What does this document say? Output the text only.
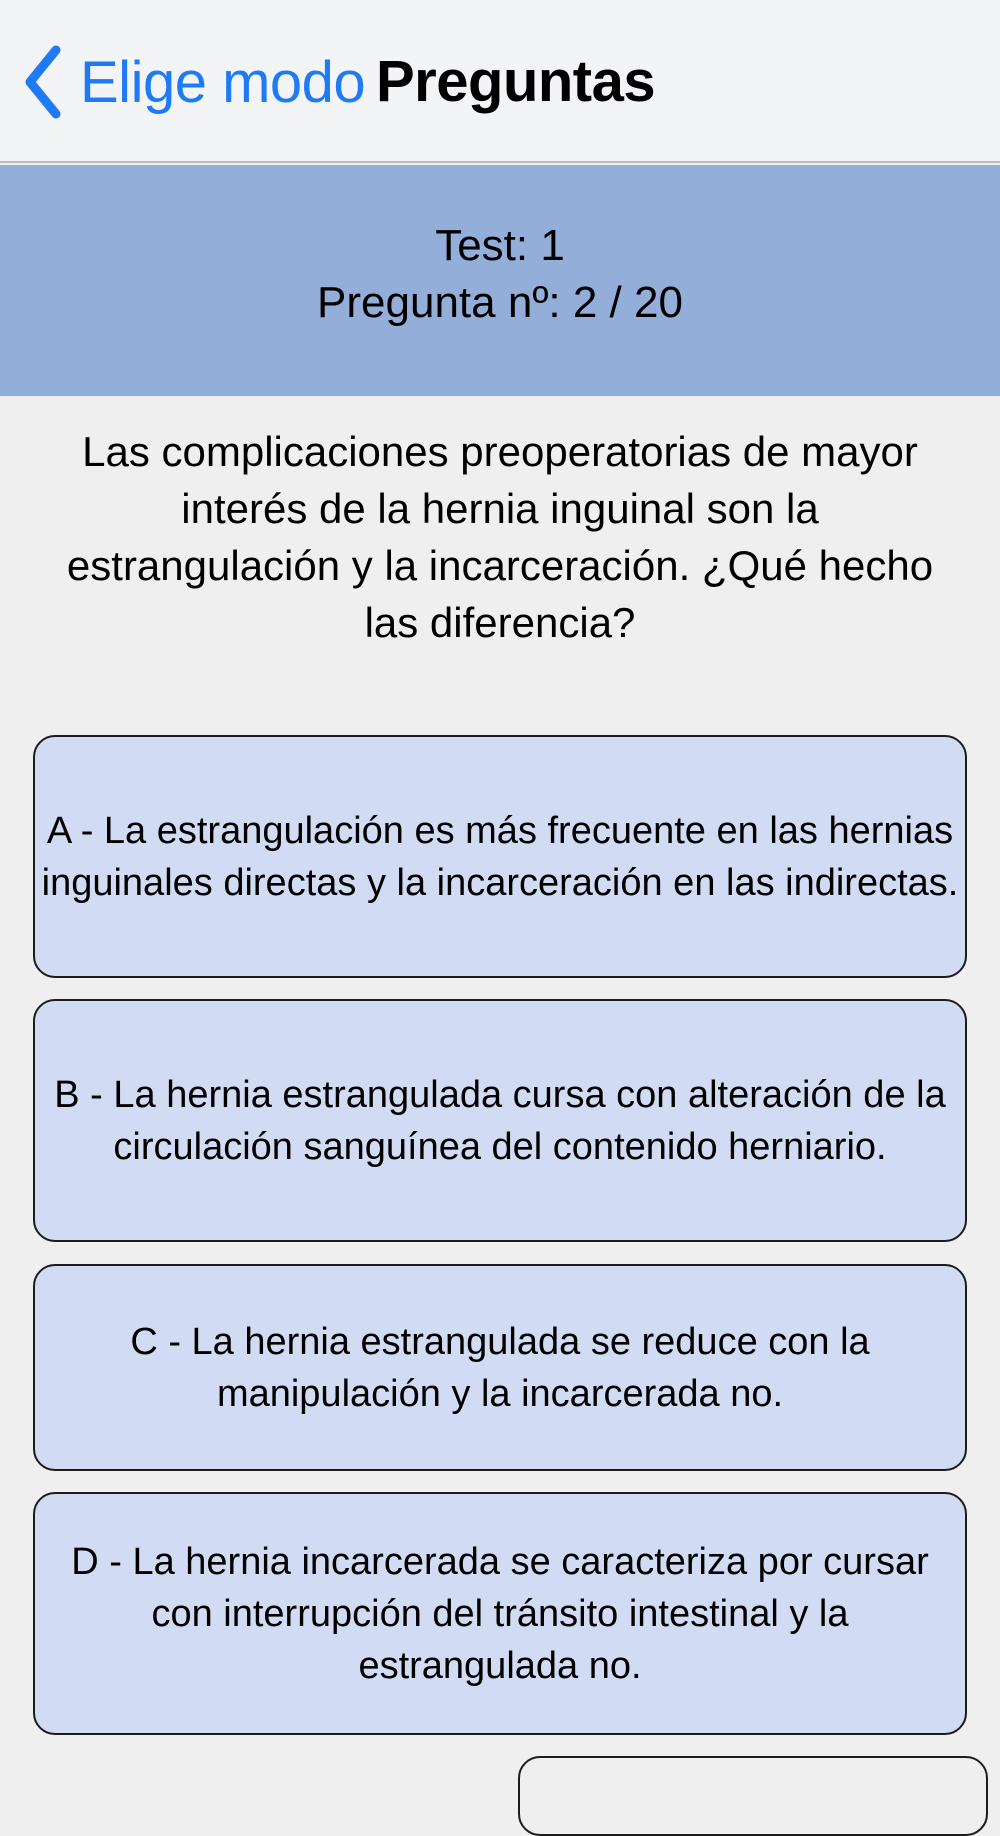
Elige modo Preguntas
Test: 1
Pregunta nº: 2 / 20
Las complicaciones preoperatorias de mayor interés de la hernia inguinal son la estrangulación y la incarceración. ¿Qué hecho las diferencia?
A - La estrangulación es más frecuente en las hernias inguinales directas y la incarceración en las indirectas.
B - La hernia estrangulada cursa con alteración de la circulación sanguínea del contenido herniario.
C - La hernia estrangulada se reduce con la manipulación y la incarcerada no.
D - La hernia incarcerada se caracteriza por cursar con interrupción del tránsito intestinal y la estrangulada no.
